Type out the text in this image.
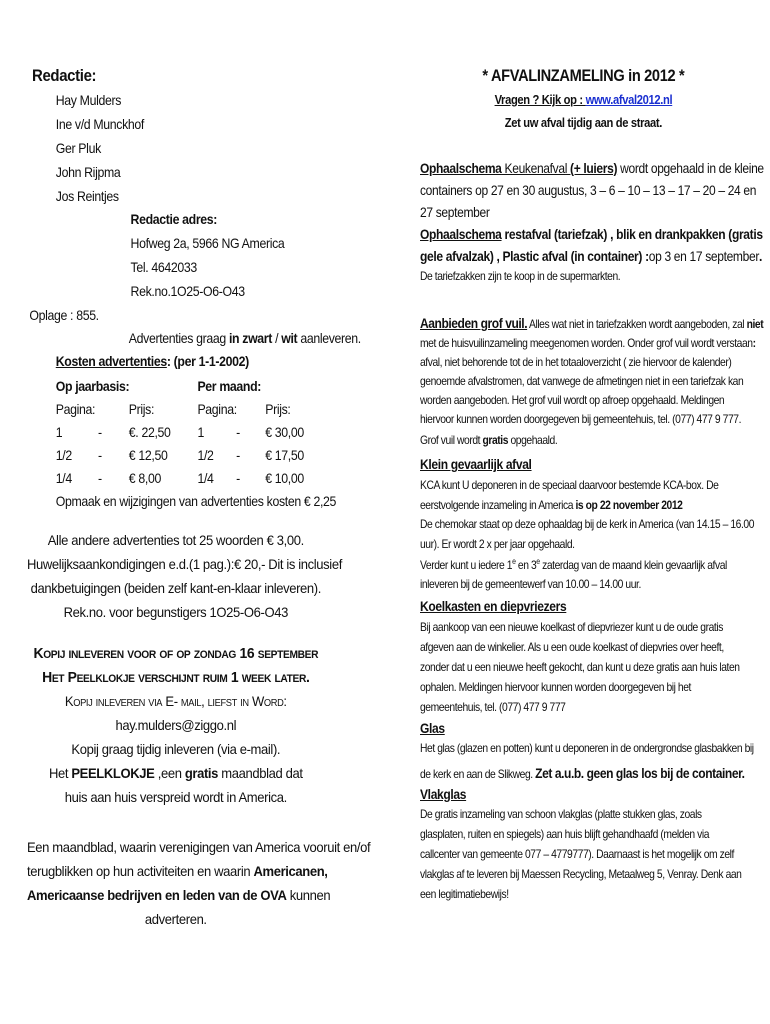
Redactie:
Hay Mulders
Ine v/d Munckhof
Ger Pluk
John Rijpma
Jos Reintjes
Redactie adres:
Hofweg 2a, 5966 NG America
Tel. 4642033
Rek.no.1O25-O6-O43
Oplage : 855.
Advertenties graag in zwart / wit aanleveren.
Kosten advertenties: (per 1-1-2002)
Op jaarbasis:	Per maand:
Pagina: Prijs:	Pagina: Prijs:
1	- €. 22,50 1 - € 30,00
1/2 - € 12,50 1/2 - € 17,50
1/4 - € 8,00	1/4 - € 10,00
Opmaak en wijzigingen van advertenties kosten € 2,25
Alle andere advertenties tot 25 woorden € 3,00.
Huwelijksaankondigingen e.d.(1 pag.):€ 20,- Dit is inclusief
dankbetuigingen (beiden zelf kant-en-klaar inleveren).
Rek.no. voor begunstigers 1O25-O6-O43
Kopij inleveren voor of op zondag 16 september
Het Peelklokje verschijnt ruim 1 week later.
Kopij inleveren via E- mail, liefst in Word:
hay.mulders@ziggo.nl
Kopij graag tijdig inleveren (via e-mail).
Het PEELKLOKJE ,een gratis maandblad dat
huis aan huis verspreid wordt in America.
Een maandblad, waarin verenigingen van America vooruit en/of
terugblikken op hun activiteiten en waarin Americanen,
Americaanse bedrijven en leden van de OVA kunnen
adverteren.
* AFVALINZAMELING in 2012 *
Vragen ? Kijk op : www.afval2012.nl
Zet uw afval tijdig aan de straat.
Ophaalschema Keukenafval (+ luiers) wordt opgehaald in de kleine
containers op 27 en 30 augustus, 3 – 6 – 10 – 13 – 17 – 20 – 24 en
27 september
Ophaalschema restafval (tariefzak) , blik en drankpakken (gratis
gele afvalzak) , Plastic afval (in container) :op 3 en 17 september.
De tariefzakken zijn te koop in de supermarkten.
Aanbieden grof vuil. Alles wat niet in tariefzakken wordt aangeboden, zal niet
met de huisvuilinzameling meegenomen worden. Onder grof vuil wordt verstaan:
afval, niet behorende tot de in het totaaloverzicht ( zie hiervoor de kalender)
genoemde afvalstromen, dat vanwege de afmetingen niet in een tariefzak kan
worden aangeboden. Het grof vuil wordt op afroep opgehaald. Meldingen
hiervoor kunnen worden doorgegeven bij gemeentehuis, tel. (077) 477 9 777.
Grof vuil wordt gratis opgehaald.
Klein gevaarlijk afval
KCA kunt U deponeren in de speciaal daarvoor bestemde KCA-box. De
eerstvolgende inzameling in America is op 22 november 2012
De chemokar staat op deze ophaaldag bij de kerk in America (van 14.15 – 16.00
uur). Er wordt 2 x per jaar opgehaald.
Verder kunt u iedere 1e en 3e zaterdag van de maand klein gevaarlijk afval
inleveren bij de gemeentewerf van 10.00 – 14.00 uur.
Koelkasten en diepvriezers
Bij aankoop van een nieuwe koelkast of diepvriezer kunt u de oude gratis
afgeven aan de winkelier. Als u een oude koelkast of diepvries over heeft,
zonder dat u een nieuwe heeft gekocht, dan kunt u deze gratis aan huis laten
ophalen. Meldingen hiervoor kunnen worden doorgegeven bij het
gemeentehuis, tel. (077) 477 9 777
Glas
Het glas (glazen en potten) kunt u deponeren in de ondergrondse glasbakken bij
de kerk en aan de Slikweg. Zet a.u.b. geen glas los bij de container.
Vlakglas
De gratis inzameling van schoon vlakglas (platte stukken glas, zoals
glasplaten, ruiten en spiegels) aan huis blijft gehandhaafd (melden via
callcenter van gemeente 077 – 4779777). Daarnaast is het mogelijk om zelf
vlakglas af te leveren bij Maessen Recycling, Metaalweg 5, Venray. Denk aan
een legitimatiebewijs!
